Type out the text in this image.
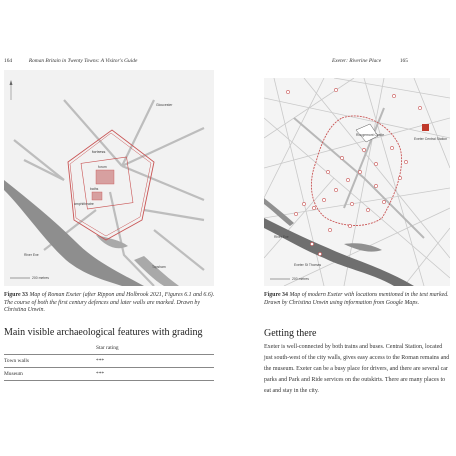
164	Roman Britain in Twenty Towns: A Visitor's Guide
fortress
forum
baths
amphitheatre
Gloucester
River Exe
Topsham
200 metres
Figure 33 Map of Roman Exeter (after Rippon and Holbrook 2021, Figures 6.1 and 6.6). The course of both the first century defences and later walls are marked. Drawn by Christina Unwin.
Main visible archaeological features with grading
Star rating
Town walls	***
Museum	***
Exeter: Riverine Place	165
Rougemont Castle
Exeter Central Station
River Exe
Exeter St Thomas
200 metres
Figure 34 Map of modern Exeter with locations mentioned in the text marked. Drawn by Christina Unwin using information from Google Maps.
Getting there
Exeter is well-connected by both trains and buses. Central Station, located just south-west of the city walls, gives easy access to the Roman remains and the museum. Exeter can be a busy place for drivers, and there are several car parks and Park and Ride services on the outskirts. There are many places to eat and stay in the city.
